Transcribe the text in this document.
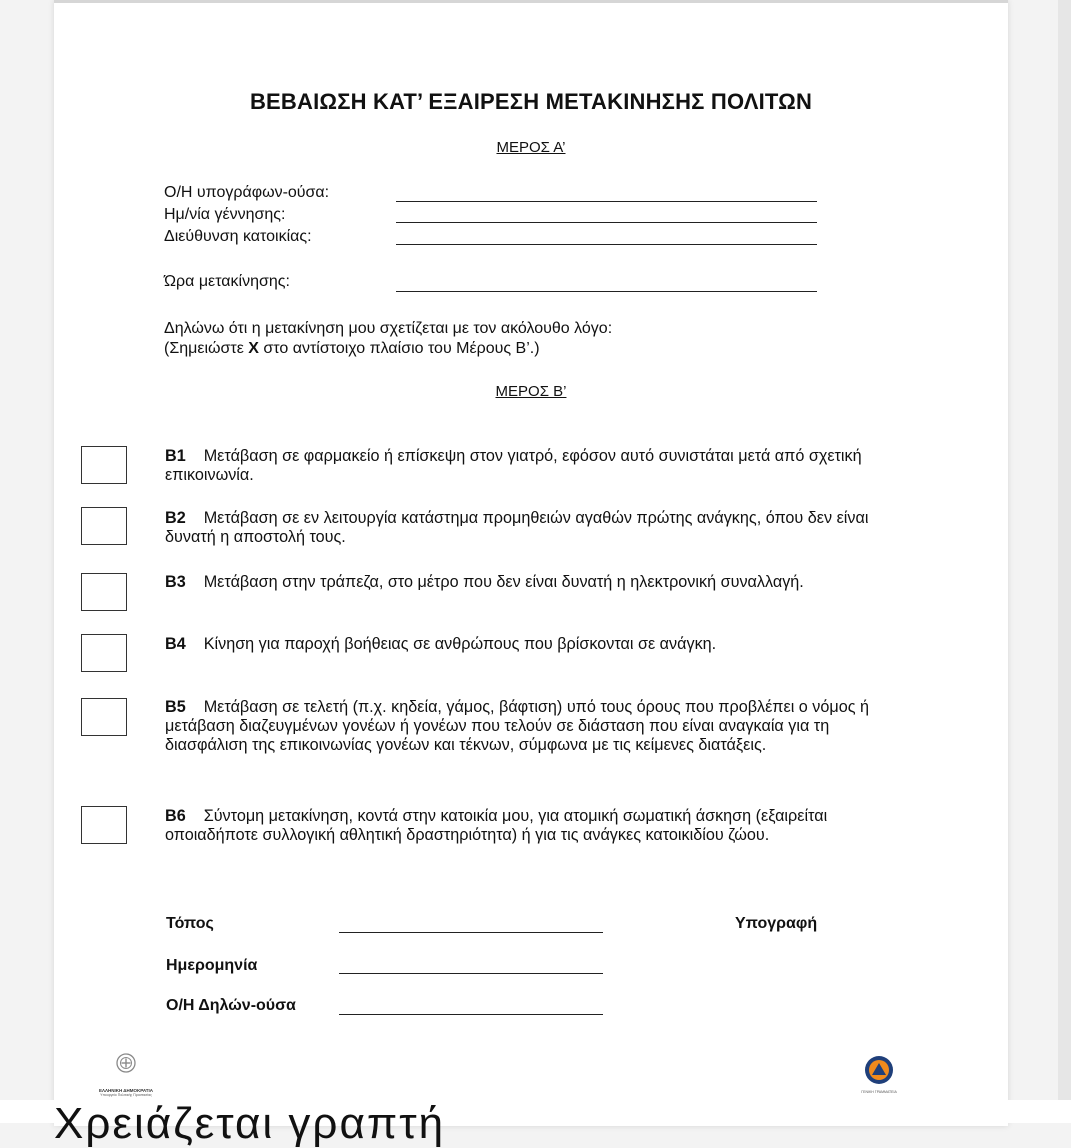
ΒΕΒΑΙΩΣΗ ΚΑΤ’ ΕΞΑΙΡΕΣΗ ΜΕΤΑΚΙΝΗΣΗΣ ΠΟΛΙΤΩΝ
ΜΕΡΟΣ Α’
Ο/Η υπογράφων-ούσα:
Ημ/νία γέννησης:
Διεύθυνση κατοικίας:
Ώρα μετακίνησης:
Δηλώνω ότι η μετακίνηση μου σχετίζεται με τον ακόλουθο λόγο:
(Σημειώστε X στο αντίστοιχο πλαίσιο του Μέρους Β’.)
ΜΕΡΟΣ Β’
Β1 Μετάβαση σε φαρμακείο ή επίσκεψη στον γιατρό, εφόσον αυτό συνιστάται μετά από σχετική επικοινωνία.
Β2 Μετάβαση σε εν λειτουργία κατάστημα προμηθειών αγαθών πρώτης ανάγκης, όπου δεν είναι δυνατή η αποστολή τους.
Β3 Μετάβαση στην τράπεζα, στο μέτρο που δεν είναι δυνατή η ηλεκτρονική συναλλαγή.
Β4 Κίνηση για παροχή βοήθειας σε ανθρώπους που βρίσκονται σε ανάγκη.
Β5 Μετάβαση σε τελετή (π.χ. κηδεία, γάμος, βάφτιση) υπό τους όρους που προβλέπει ο νόμος ή μετάβαση διαζευγμένων γονέων ή γονέων που τελούν σε διάσταση που είναι αναγκαία για τη διασφάλιση της επικοινωνίας γονέων και τέκνων, σύμφωνα με τις κείμενες διατάξεις.
Β6 Σύντομη μετακίνηση, κοντά στην κατοικία μου, για ατομική σωματική άσκηση (εξαιρείται οποιαδήποτε συλλογική αθλητική δραστηριότητα) ή για τις ανάγκες κατοικιδίου ζώου.
Τόπος	Υπογραφή
Ημερομηνία
Ο/Η Δηλών-ούσα
ΕΛΛΗΝΙΚΗ ΔΗΜΟΚΡΑΤΙΑ
Υπουργείο Πολιτικής Προστασίας
ΓΕΝΙΚΗ ΓΡΑΜΜΑΤΕΙΑ
Χρειάζεται γραπτή
